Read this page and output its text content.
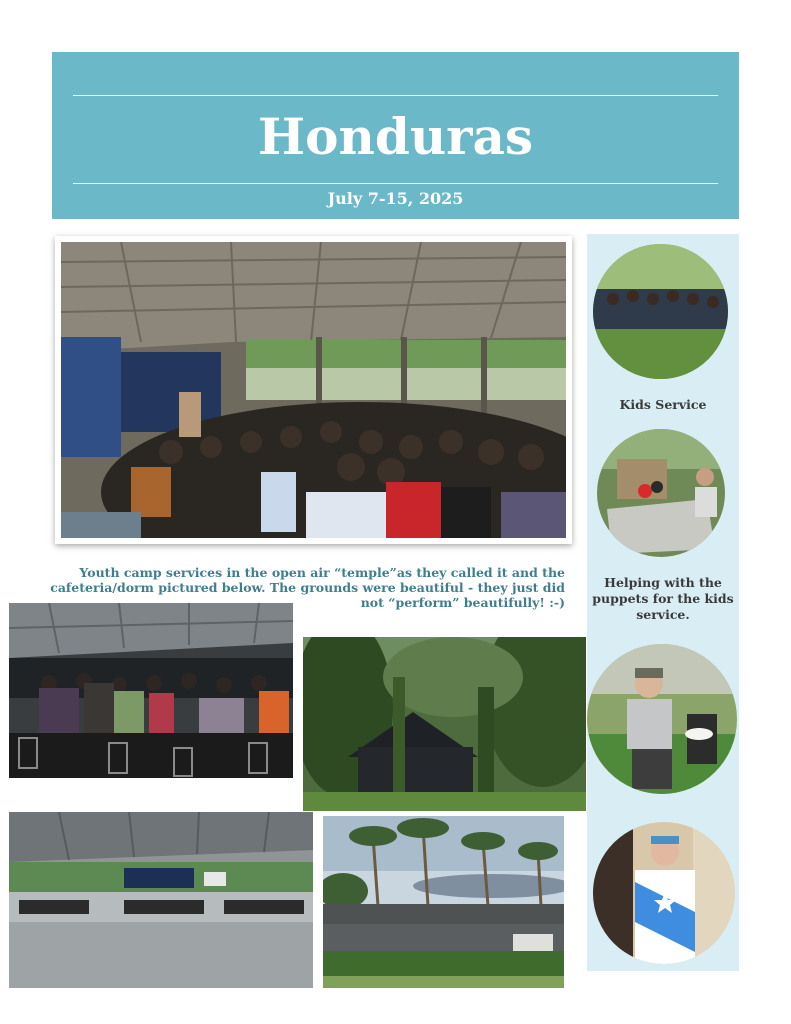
Honduras
July 7-15, 2025
Youth camp services in the open air “temple”as they called it and the cafeteria/dorm pictured below. The grounds were beautiful - they just did not “perform” beautifully! :-)
Kids Service
Helping with the puppets for the kids service.
